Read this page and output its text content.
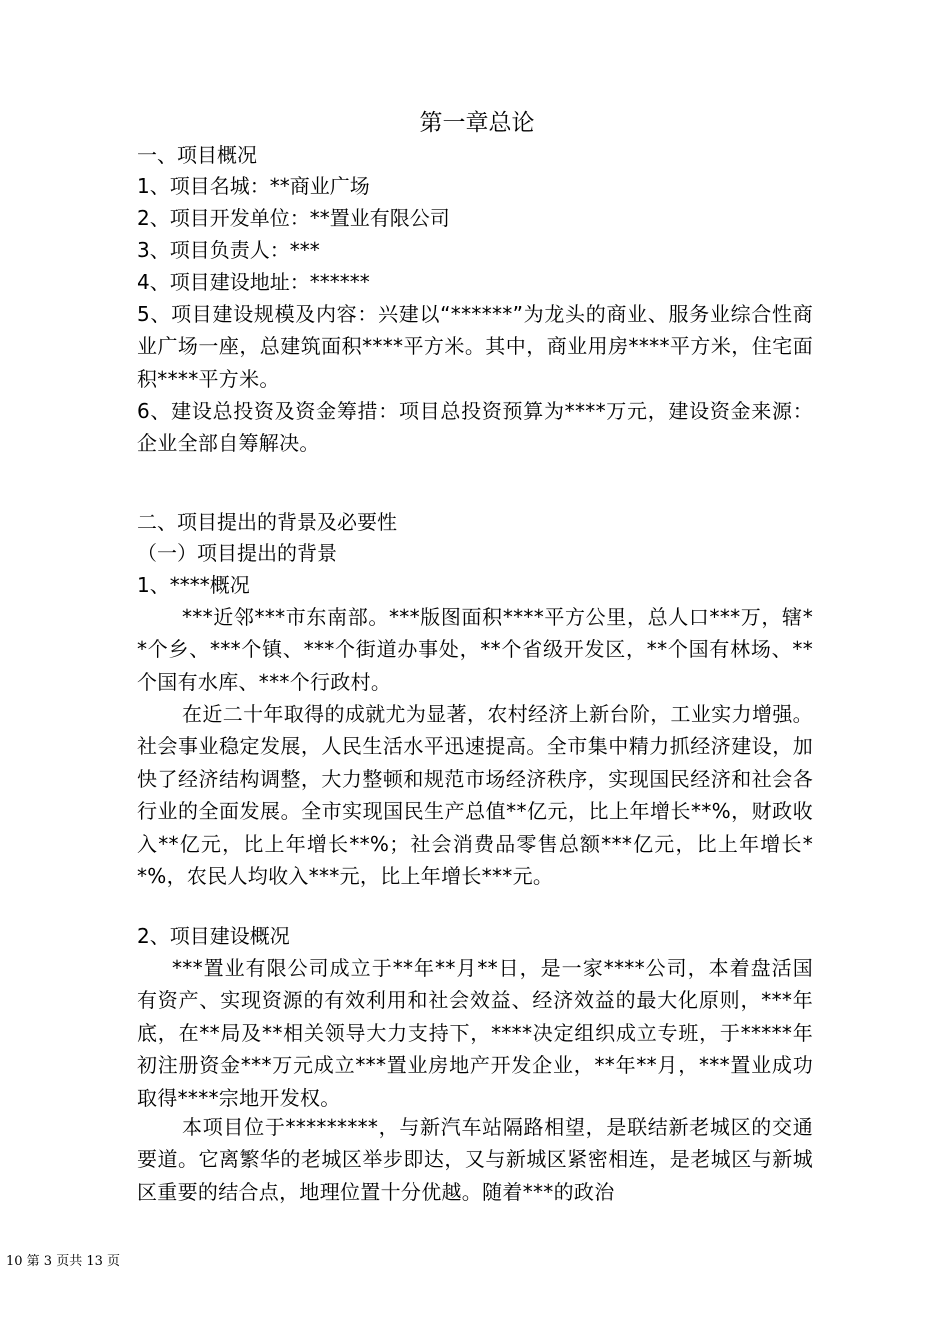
第一章总论

一、项目概况

1、项目名城：**商业广场

2、项目开发单位：**置业有限公司

3、项目负责人：***

4、项目建设地址：******

5、项目建设规模及内容：兴建以“******”为龙头的商业、服务业综合性商业广场一座，总建筑面积****平方米。其中，商业用房****平方米，住宅面积****平方米。

6、建设总投资及资金筹措：项目总投资预算为****万元，建设资金来源：企业全部自筹解决。

二、项目提出的背景及必要性

（一）项目提出的背景

1、****概况

***近邻***市东南部。***版图面积****平方公里，总人口***万，辖**个乡、***个镇、***个街道办事处，**个省级开发区，**个国有林场、**个国有水库、***个行政村。

在近二十年取得的成就尤为显著，农村经济上新台阶，工业实力增强。社会事业稳定发展，人民生活水平迅速提高。全市集中精力抓经济建设，加快了经济结构调整，大力整顿和规范市场经济秩序，实现国民经济和社会各行业的全面发展。全市实现国民生产总值**亿元，比上年增长**%，财政收入**亿元，比上年增长**%；社会消费品零售总额***亿元，比上年增长**%，农民人均收入***元，比上年增长***元。

2、项目建设概况

***置业有限公司成立于**年**月**日，是一家****公司，本着盘活国有资产、实现资源的有效利用和社会效益、经济效益的最大化原则，***年底，在**局及**相关领导大力支持下，****决定组织成立专班，于*****年初注册资金***万元成立***置业房地产开发企业，**年**月，***置业成功取得****宗地开发权。

本项目位于*********，与新汽车站隔路相望，是联结新老城区的交通要道。它离繁华的老城区举步即达，又与新城区紧密相连，是老城区与新城区重要的结合点，地理位置十分优越。随着***的政治

10 第 3 页共 13 页
